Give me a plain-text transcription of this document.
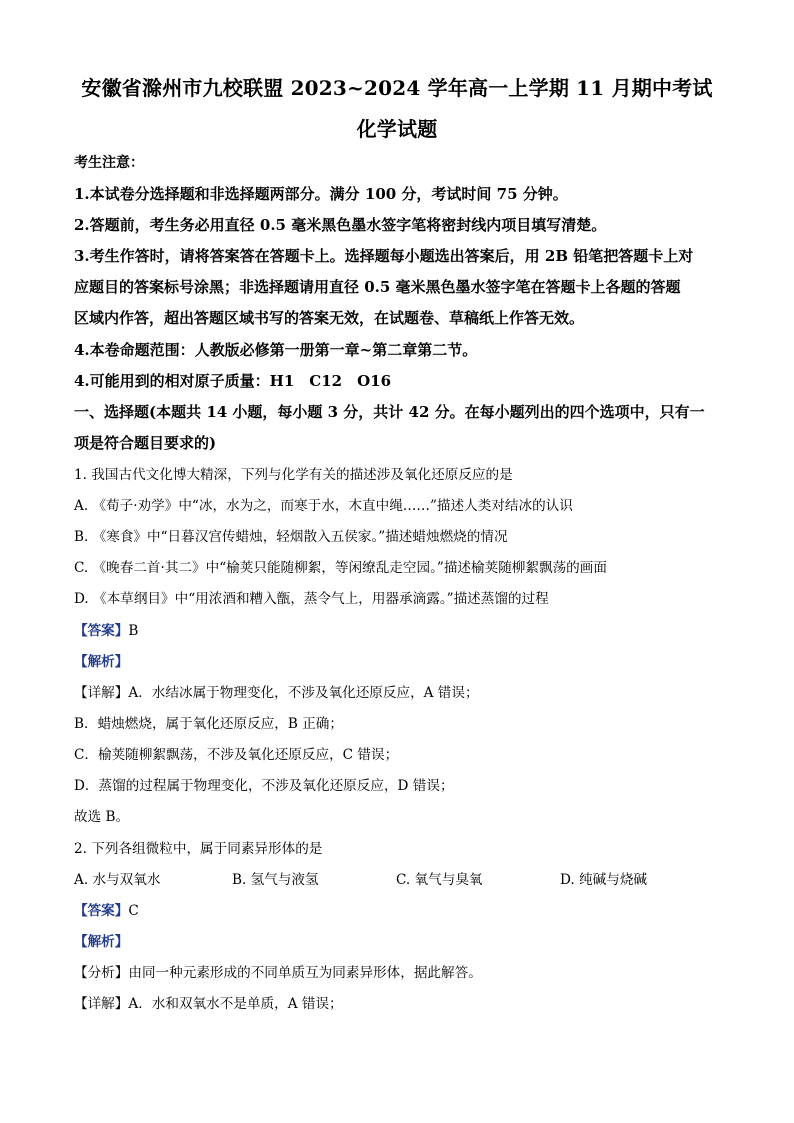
安徽省滁州市九校联盟 2023~2024 学年高一上学期 11 月期中考试
化学试题
考生注意：
1.本试卷分选择题和非选择题两部分。满分 100 分，考试时间 75 分钟。
2.答题前，考生务必用直径 0.5 毫米黑色墨水签字笔将密封线内项目填写清楚。
3.考生作答时，请将答案答在答题卡上。选择题每小题选出答案后，用 2B 铅笔把答题卡上对
应题目的答案标号涂黑；非选择题请用直径 0.5 毫米黑色墨水签字笔在答题卡上各题的答题
区域内作答，超出答题区域书写的答案无效，在试题卷、草稿纸上作答无效。
4.本卷命题范围：人教版必修第一册第一章~第二章第二节。
4.可能用到的相对原子质量：H1　C12　O16
一、选择题(本题共 14 小题，每小题 3 分，共计 42 分。在每小题列出的四个选项中，只有一
项是符合题目要求的)
1. 我国古代文化博大精深，下列与化学有关的描述涉及氧化还原反应的是
A. 《荀子·劝学》中“冰，水为之，而寒于水，木直中绳……”描述人类对结冰的认识
B. 《寒食》中“日暮汉宫传蜡烛，轻烟散入五侯家。”描述蜡烛燃烧的情况
C. 《晚春二首·其二》中“榆荚只能随柳絮，等闲缭乱走空园。”描述榆荚随柳絮飘荡的画面
D. 《本草纲目》中“用浓酒和糟入甑，蒸令气上，用器承滴露。”描述蒸馏的过程
【答案】B
【解析】
【详解】A．水结冰属于物理变化，不涉及氧化还原反应，A 错误；
B．蜡烛燃烧，属于氧化还原反应，B 正确；
C．榆荚随柳絮飘荡，不涉及氧化还原反应，C 错误；
D．蒸馏的过程属于物理变化，不涉及氧化还原反应，D 错误；
故选 B。
2. 下列各组微粒中，属于同素异形体的是
A. 水与双氧水	B. 氢气与液氢	C. 氧气与臭氧	D. 纯碱与烧碱
【答案】C
【解析】
【分析】由同一种元素形成的不同单质互为同素异形体，据此解答。
【详解】A．水和双氧水不是单质，A 错误；
